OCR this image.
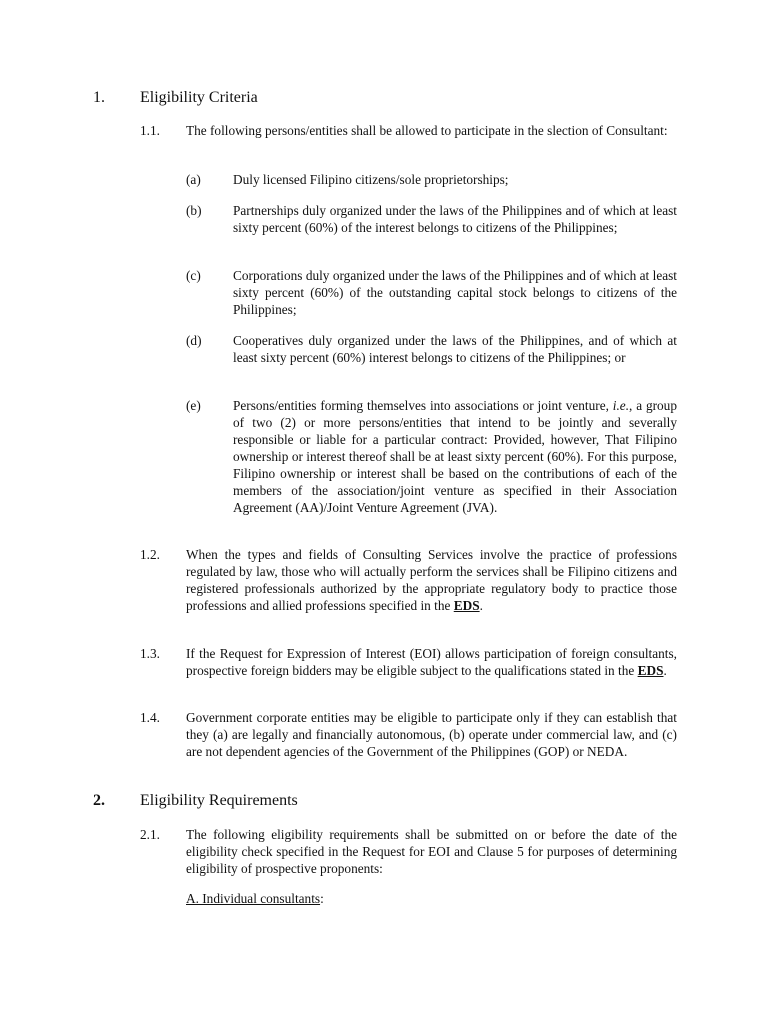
1. Eligibility Criteria
1.1. The following persons/entities shall be allowed to participate in the slection of Consultant:
(a) Duly licensed Filipino citizens/sole proprietorships;
(b) Partnerships duly organized under the laws of the Philippines and of which at least sixty percent (60%) of the interest belongs to citizens of the Philippines;
(c) Corporations duly organized under the laws of the Philippines and of which at least sixty percent (60%) of the outstanding capital stock belongs to citizens of the Philippines;
(d) Cooperatives duly organized under the laws of the Philippines, and of which at least sixty percent (60%) interest belongs to citizens of the Philippines; or
(e) Persons/entities forming themselves into associations or joint venture, i.e., a group of two (2) or more persons/entities that intend to be jointly and severally responsible or liable for a particular contract: Provided, however, That Filipino ownership or interest thereof shall be at least sixty percent (60%). For this purpose, Filipino ownership or interest shall be based on the contributions of each of the members of the association/joint venture as specified in their Association Agreement (AA)/Joint Venture Agreement (JVA).
1.2. When the types and fields of Consulting Services involve the practice of professions regulated by law, those who will actually perform the services shall be Filipino citizens and registered professionals authorized by the appropriate regulatory body to practice those professions and allied professions specified in the EDS.
1.3. If the Request for Expression of Interest (EOI) allows participation of foreign consultants, prospective foreign bidders may be eligible subject to the qualifications stated in the EDS.
1.4. Government corporate entities may be eligible to participate only if they can establish that they (a) are legally and financially autonomous, (b) operate under commercial law, and (c) are not dependent agencies of the Government of the Philippines (GOP) or NEDA.
2. Eligibility Requirements
2.1. The following eligibility requirements shall be submitted on or before the date of the eligibility check specified in the Request for EOI and Clause 5 for purposes of determining eligibility of prospective proponents:
A. Individual consultants:
